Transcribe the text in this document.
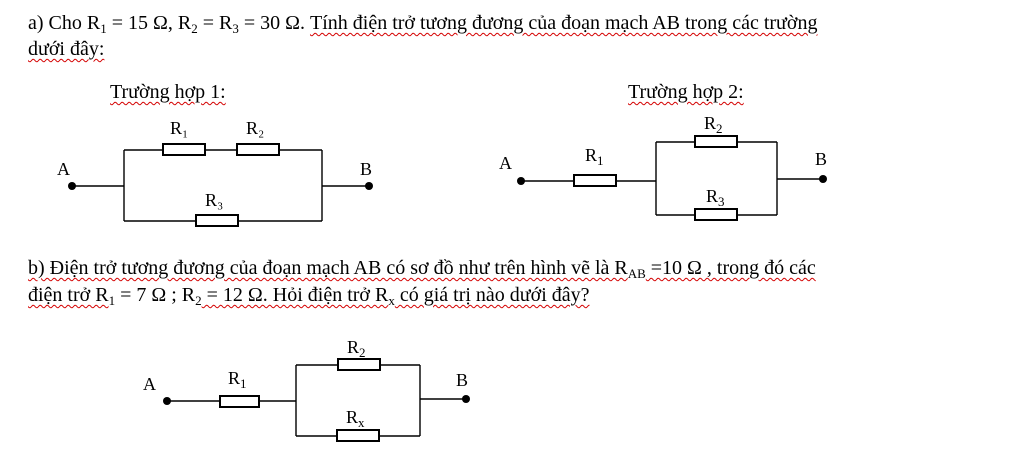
a) Cho $R_1 = 15$ Ω, $R_2 = R_3 = 30$ Ω. Tính điện trở tương đương của đoạn mạch AB trong các trường
dưới đây:
Trường hợp 1:	Trường hợp 2:
A	B
R₁	R₂
R₃
A	B
$R_1$
$R_2$
$R_3$
b) Điện trở tương đương của đoạn mạch AB có sơ đồ như trên hình vẽ là $R_{AB} =10$ Ω , trong đó các
điện trở $R_1 = 7$ Ω ; $R_2 = 12$ Ω. Hỏi điện trở $R_x$ có giá trị nào dưới đây?
A	B
$R_1$
$R_2$
$R_x$
